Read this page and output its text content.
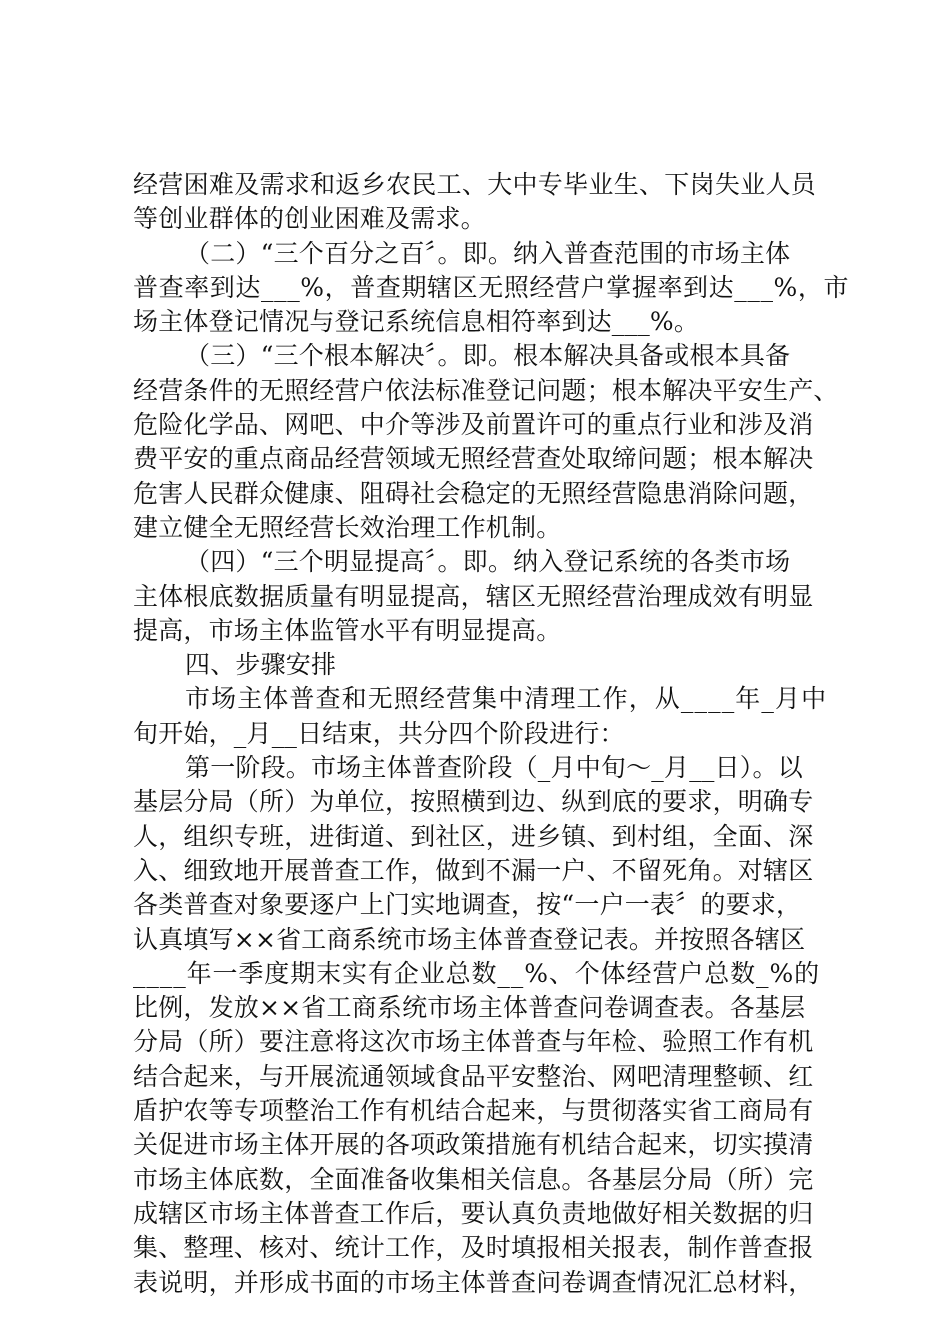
经营困难及需求和返乡农民工、大中专毕业生、下岗失业人员
等创业群体的创业困难及需求。
（二）“三个百分之百〞。即。纳入普查范围的市场主体
普查率到达___%，普查期辖区无照经营户掌握率到达___%，市
场主体登记情况与登记系统信息相符率到达___%。
（三）“三个根本解决〞。即。根本解决具备或根本具备
经营条件的无照经营户依法标准登记问题；根本解决平安生产、
危险化学品、网吧、中介等涉及前置许可的重点行业和涉及消
费平安的重点商品经营领域无照经营查处取缔问题；根本解决
危害人民群众健康、阻碍社会稳定的无照经营隐患消除问题，
建立健全无照经营长效治理工作机制。
（四）“三个明显提高〞。即。纳入登记系统的各类市场
主体根底数据质量有明显提高，辖区无照经营治理成效有明显
提高，市场主体监管水平有明显提高。
四、步骤安排
市场主体普查和无照经营集中清理工作，从____年_月中
旬开始，_月__日结束，共分四个阶段进行：
第一阶段。市场主体普查阶段（_月中旬～_月__日）。以
基层分局（所）为单位，按照横到边、纵到底的要求，明确专
人，组织专班，进街道、到社区，进乡镇、到村组，全面、深
入、细致地开展普查工作，做到不漏一户、不留死角。对辖区
各类普查对象要逐户上门实地调查，按“一户一表〞的要求，
认真填写××省工商系统市场主体普查登记表。并按照各辖区
____年一季度期末实有企业总数__%、个体经营户总数_%的
比例，发放××省工商系统市场主体普查问卷调查表。各基层
分局（所）要注意将这次市场主体普查与年检、验照工作有机
结合起来，与开展流通领域食品平安整治、网吧清理整顿、红
盾护农等专项整治工作有机结合起来，与贯彻落实省工商局有
关促进市场主体开展的各项政策措施有机结合起来，切实摸清
市场主体底数，全面准备收集相关信息。各基层分局（所）完
成辖区市场主体普查工作后，要认真负责地做好相关数据的归
集、整理、核对、统计工作，及时填报相关报表，制作普查报
表说明，并形成书面的市场主体普查问卷调查情况汇总材料，
